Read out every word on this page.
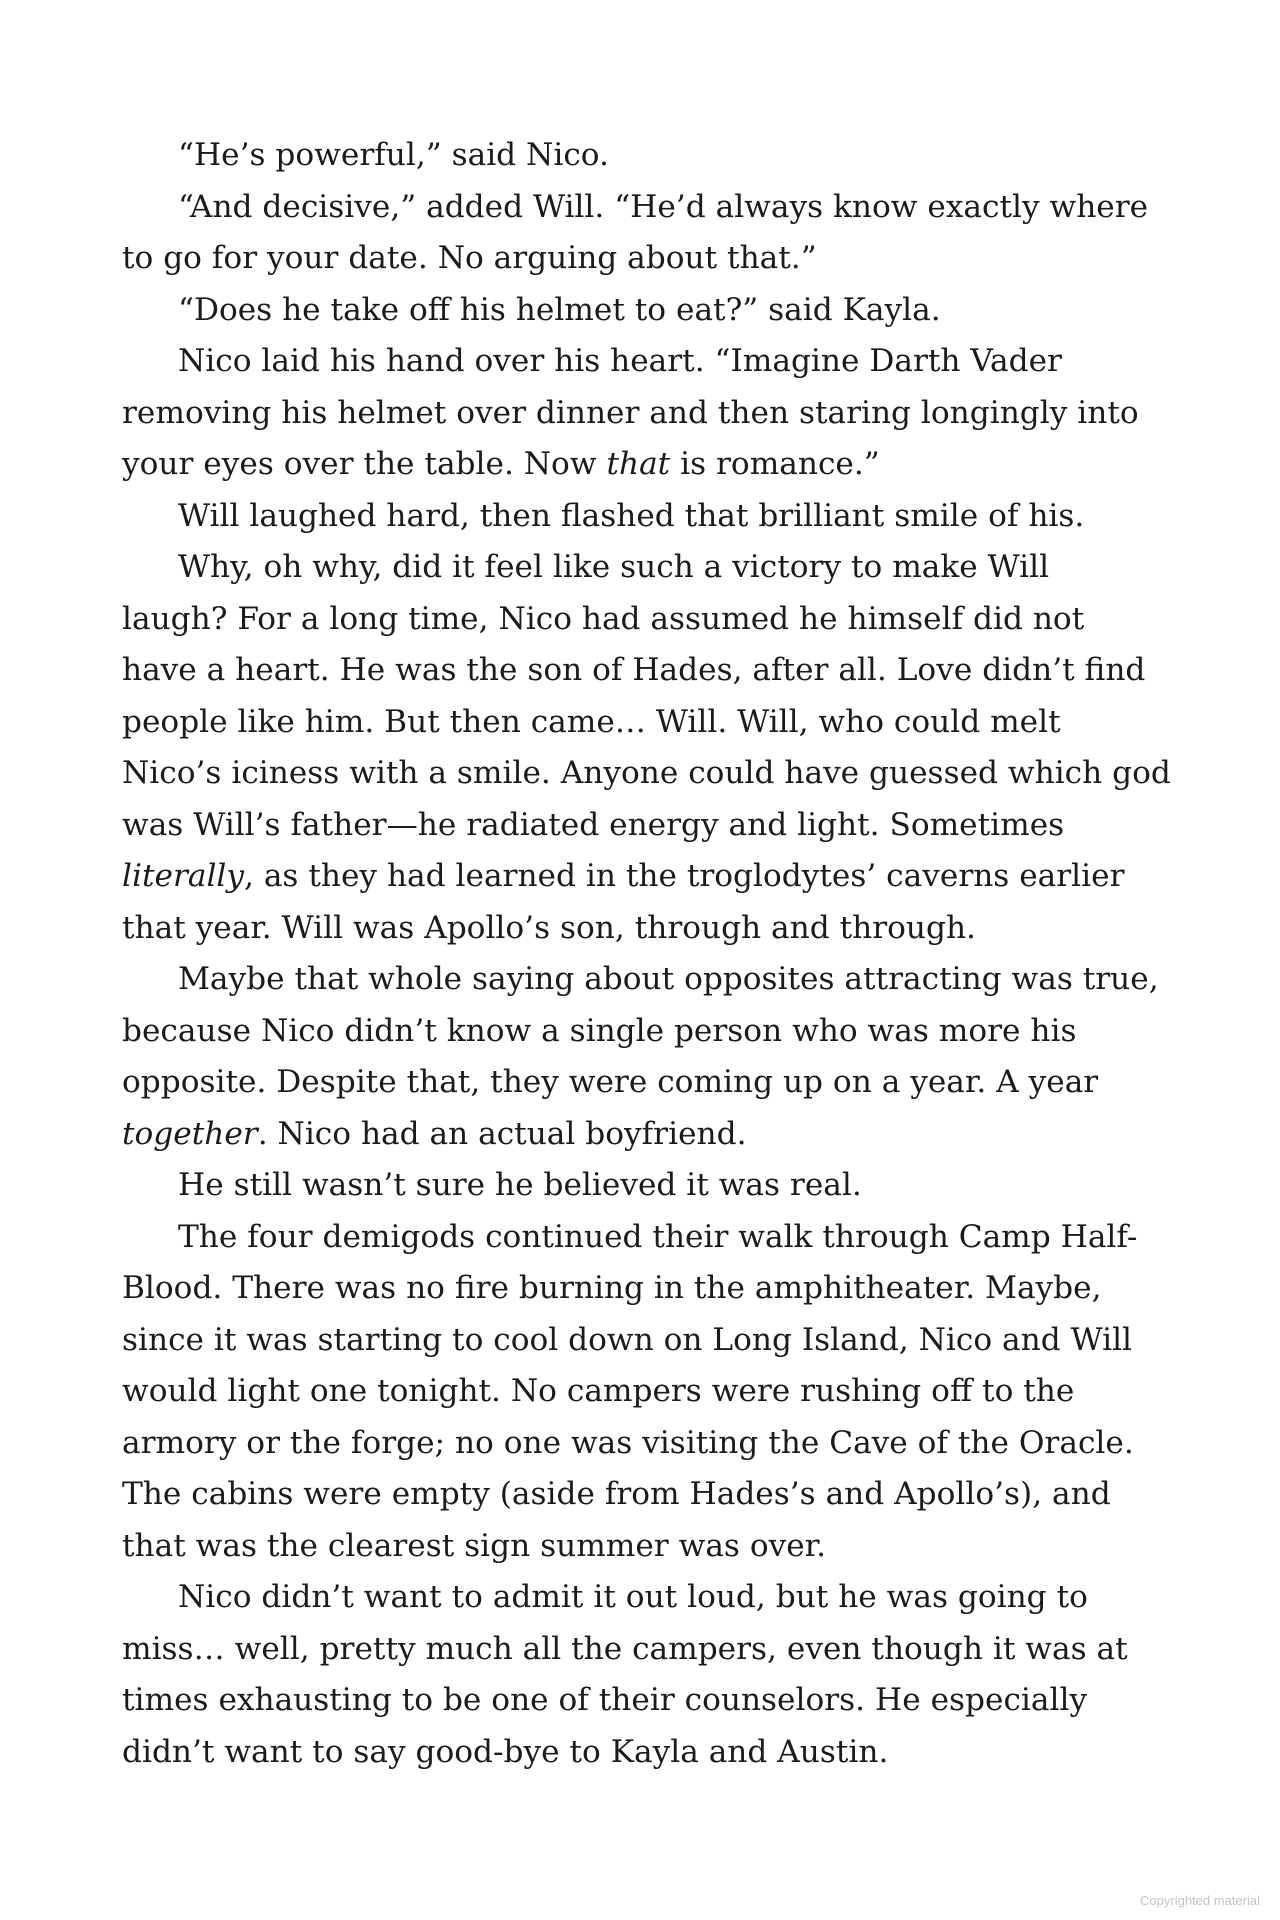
“He’s powerful,” said Nico.

“And decisive,” added Will. “He’d always know exactly where

to go for your date. No arguing about that.”

“Does he take off his helmet to eat?” said Kayla.

Nico laid his hand over his heart. “Imagine Darth Vader

removing his helmet over dinner and then staring longingly into

your eyes over the table. Now that is romance.”

Will laughed hard, then flashed that brilliant smile of his.

Why, oh why, did it feel like such a victory to make Will

laugh? For a long time, Nico had assumed he himself did not

have a heart. He was the son of Hades, after all. Love didn’t find

people like him. But then came… Will. Will, who could melt

Nico’s iciness with a smile. Anyone could have guessed which god

was Will’s father—he radiated energy and light. Sometimes

literally, as they had learned in the troglodytes’ caverns earlier

that year. Will was Apollo’s son, through and through.

Maybe that whole saying about opposites attracting was true,

because Nico didn’t know a single person who was more his

opposite. Despite that, they were coming up on a year. A year

together. Nico had an actual boyfriend.

He still wasn’t sure he believed it was real.

The four demigods continued their walk through Camp Half-

Blood. There was no fire burning in the amphitheater. Maybe,

since it was starting to cool down on Long Island, Nico and Will

would light one tonight. No campers were rushing off to the

armory or the forge; no one was visiting the Cave of the Oracle.

The cabins were empty (aside from Hades’s and Apollo’s), and

that was the clearest sign summer was over.

Nico didn’t want to admit it out loud, but he was going to

miss… well, pretty much all the campers, even though it was at

times exhausting to be one of their counselors. He especially

didn’t want to say good-bye to Kayla and Austin.

Copyrighted material
